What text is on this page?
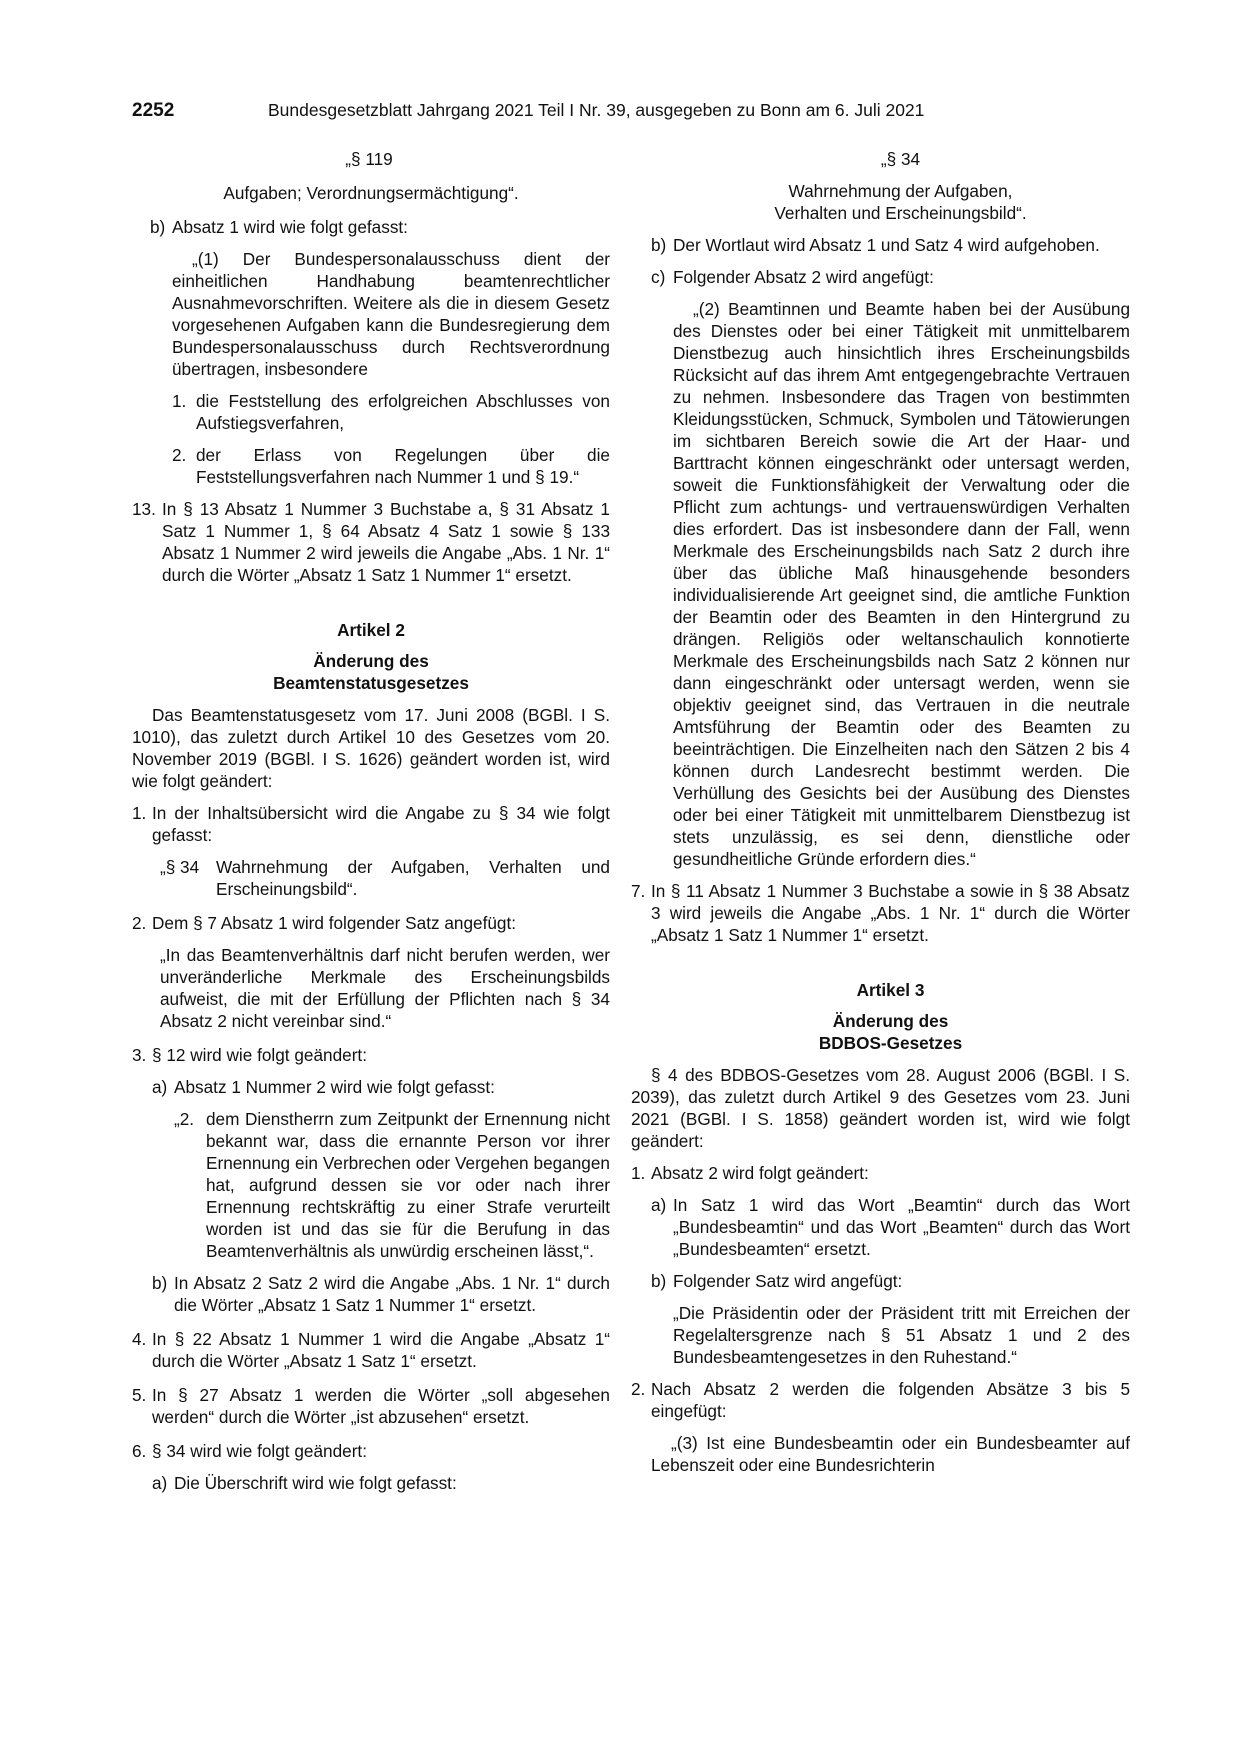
2252	Bundesgesetzblatt Jahrgang 2021 Teil I Nr. 39, ausgegeben zu Bonn am 6. Juli 2021

„§ 119

Aufgaben; Verordnungsermächtigung“.

b) Absatz 1 wird wie folgt gefasst:

„(1) Der Bundespersonalausschuss dient der einheitlichen Handhabung beamtenrechtlicher Ausnahmevorschriften. Weitere als die in diesem Gesetz vorgesehenen Aufgaben kann die Bundesregierung dem Bundespersonalausschuss durch Rechtsverordnung übertragen, insbesondere

1. die Feststellung des erfolgreichen Abschlusses von Aufstiegsverfahren,
2. der Erlass von Regelungen über die Feststellungsverfahren nach Nummer 1 und § 19.“
13. In § 13 Absatz 1 Nummer 3 Buchstabe a, § 31 Absatz 1 Satz 1 Nummer 1, § 64 Absatz 4 Satz 1 sowie § 133 Absatz 1 Nummer 2 wird jeweils die Angabe „Abs. 1 Nr. 1“ durch die Wörter „Absatz 1 Satz 1 Nummer 1“ ersetzt.

Artikel 2

Änderung des

Beamtenstatusgesetzes

Das Beamtenstatusgesetz vom 17. Juni 2008 (BGBl. I S. 1010), das zuletzt durch Artikel 10 des Gesetzes vom 20. November 2019 (BGBl. I S. 1626) geändert worden ist, wird wie folgt geändert:

1. In der Inhaltsübersicht wird die Angabe zu § 34 wie folgt gefasst:
„§ 34 Wahrnehmung der Aufgaben, Verhalten und Erscheinungsbild“.
2. Dem § 7 Absatz 1 wird folgender Satz angefügt:

„In das Beamtenverhältnis darf nicht berufen werden, wer unveränderliche Merkmale des Erscheinungsbilds aufweist, die mit der Erfüllung der Pflichten nach § 34 Absatz 2 nicht vereinbar sind.“

3. § 12 wird wie folgt geändert:
a) Absatz 1 Nummer 2 wird wie folgt gefasst:
„2. dem Dienstherrn zum Zeitpunkt der Ernennung nicht bekannt war, dass die ernannte Person vor ihrer Ernennung ein Verbrechen oder Vergehen begangen hat, aufgrund dessen sie vor oder nach ihrer Ernennung rechtskräftig zu einer Strafe verurteilt worden ist und das sie für die Berufung in das Beamtenverhältnis als unwürdig erscheinen lässt,“.
b) In Absatz 2 Satz 2 wird die Angabe „Abs. 1 Nr. 1“ durch die Wörter „Absatz 1 Satz 1 Nummer 1“ ersetzt.
4. In § 22 Absatz 1 Nummer 1 wird die Angabe „Absatz 1“ durch die Wörter „Absatz 1 Satz 1“ ersetzt.
5. In § 27 Absatz 1 werden die Wörter „soll abgesehen werden“ durch die Wörter „ist abzusehen“ ersetzt.
6. § 34 wird wie folgt geändert:
a) Die Überschrift wird wie folgt gefasst:

„§ 34

Wahrnehmung der Aufgaben,

Verhalten und Erscheinungsbild“.

b) Der Wortlaut wird Absatz 1 und Satz 4 wird aufgehoben.
c) Folgender Absatz 2 wird angefügt:

„(2) Beamtinnen und Beamte haben bei der Ausübung des Dienstes oder bei einer Tätigkeit mit unmittelbarem Dienstbezug auch hinsichtlich ihres Erscheinungsbilds Rücksicht auf das ihrem Amt entgegengebrachte Vertrauen zu nehmen. Insbesondere das Tragen von bestimmten Kleidungsstücken, Schmuck, Symbolen und Tätowierungen im sichtbaren Bereich sowie die Art der Haar- und Barttracht können eingeschränkt oder untersagt werden, soweit die Funktionsfähigkeit der Verwaltung oder die Pflicht zum achtungs- und vertrauenswürdigen Verhalten dies erfordert. Das ist insbesondere dann der Fall, wenn Merkmale des Erscheinungsbilds nach Satz 2 durch ihre über das übliche Maß hinausgehende besonders individualisierende Art geeignet sind, die amtliche Funktion der Beamtin oder des Beamten in den Hintergrund zu drängen. Religiös oder weltanschaulich konnotierte Merkmale des Erscheinungsbilds nach Satz 2 können nur dann eingeschränkt oder untersagt werden, wenn sie objektiv geeignet sind, das Vertrauen in die neutrale Amtsführung der Beamtin oder des Beamten zu beeinträchtigen. Die Einzelheiten nach den Sätzen 2 bis 4 können durch Landesrecht bestimmt werden. Die Verhüllung des Gesichts bei der Ausübung des Dienstes oder bei einer Tätigkeit mit unmittelbarem Dienstbezug ist stets unzulässig, es sei denn, dienstliche oder gesundheitliche Gründe erfordern dies.“

7. In § 11 Absatz 1 Nummer 3 Buchstabe a sowie in § 38 Absatz 3 wird jeweils die Angabe „Abs. 1 Nr. 1“ durch die Wörter „Absatz 1 Satz 1 Nummer 1“ ersetzt.

Artikel 3

Änderung des

BDBOS-Gesetzes

§ 4 des BDBOS-Gesetzes vom 28. August 2006 (BGBl. I S. 2039), das zuletzt durch Artikel 9 des Gesetzes vom 23. Juni 2021 (BGBl. I S. 1858) geändert worden ist, wird wie folgt geändert:

1. Absatz 2 wird folgt geändert:
a) In Satz 1 wird das Wort „Beamtin“ durch das Wort „Bundesbeamtin“ und das Wort „Beamten“ durch das Wort „Bundesbeamten“ ersetzt.
b) Folgender Satz wird angefügt:

„Die Präsidentin oder der Präsident tritt mit Erreichen der Regelaltersgrenze nach § 51 Absatz 1 und 2 des Bundesbeamtengesetzes in den Ruhestand.“

2. Nach Absatz 2 werden die folgenden Absätze 3 bis 5 eingefügt:

„(3) Ist eine Bundesbeamtin oder ein Bundesbeamter auf Lebenszeit oder eine Bundesrichterin
